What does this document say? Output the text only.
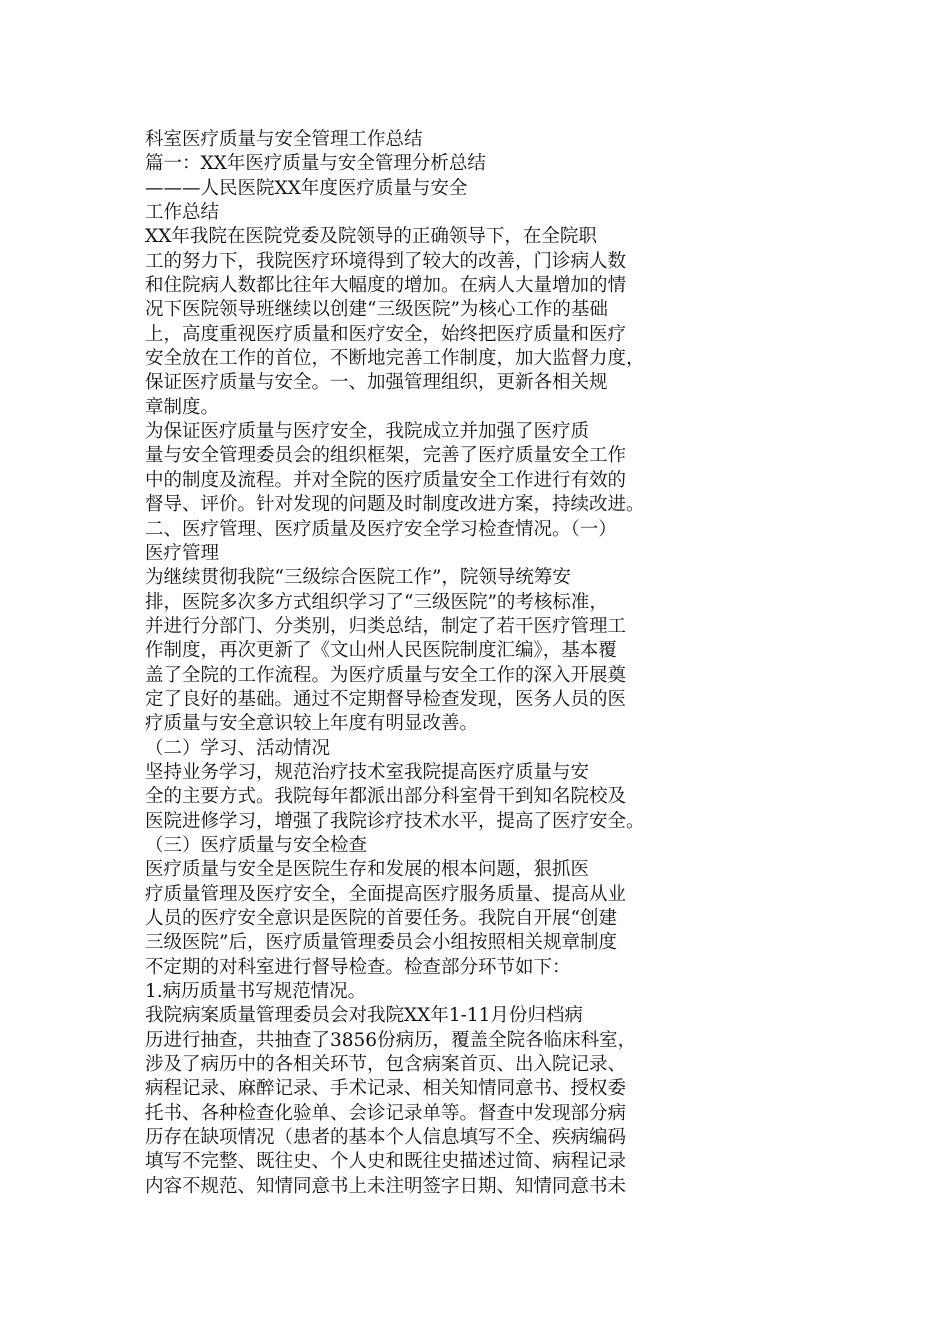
科室医疗质量与安全管理工作总结
篇一：XX年医疗质量与安全管理分析总结
———人民医院XX年度医疗质量与安全
工作总结
XX年我院在医院党委及院领导的正确领导下，在全院职
工的努力下，我院医疗环境得到了较大的改善，门诊病人数
和住院病人数都比往年大幅度的增加。在病人大量增加的情
况下医院领导班继续以创建“三级医院”为核心工作的基础
上，高度重视医疗质量和医疗安全，始终把医疗质量和医疗
安全放在工作的首位，不断地完善工作制度，加大监督力度，
保证医疗质量与安全。一、加强管理组织，更新各相关规
章制度。
为保证医疗质量与医疗安全，我院成立并加强了医疗质
量与安全管理委员会的组织框架，完善了医疗质量安全工作
中的制度及流程。并对全院的医疗质量安全工作进行有效的
督导、评价。针对发现的问题及时制度改进方案，持续改进。
二、医疗管理、医疗质量及医疗安全学习检查情况。（一）
医疗管理
为继续贯彻我院“三级综合医院工作”，院领导统筹安
排，医院多次多方式组织学习了“三级医院”的考核标准，
并进行分部门、分类别，归类总结，制定了若干医疗管理工
作制度，再次更新了《文山州人民医院制度汇编》，基本覆
盖了全院的工作流程。为医疗质量与安全工作的深入开展奠
定了良好的基础。通过不定期督导检查发现，医务人员的医
疗质量与安全意识较上年度有明显改善。
（二）学习、活动情况
坚持业务学习，规范治疗技术室我院提高医疗质量与安
全的主要方式。我院每年都派出部分科室骨干到知名院校及
医院进修学习，增强了我院诊疗技术水平，提高了医疗安全。
（三）医疗质量与安全检查
医疗质量与安全是医院生存和发展的根本问题，狠抓医
疗质量管理及医疗安全，全面提高医疗服务质量、提高从业
人员的医疗安全意识是医院的首要任务。我院自开展“创建
三级医院”后，医疗质量管理委员会小组按照相关规章制度
不定期的对科室进行督导检查。检查部分环节如下：
1.病历质量书写规范情况。
我院病案质量管理委员会对我院XX年1-11月份归档病
历进行抽查，共抽查了3856份病历，覆盖全院各临床科室，
涉及了病历中的各相关环节，包含病案首页、出入院记录、
病程记录、麻醉记录、手术记录、相关知情同意书、授权委
托书、各种检查化验单、会诊记录单等。督查中发现部分病
历存在缺项情况（患者的基本个人信息填写不全、疾病编码
填写不完整、既往史、个人史和既往史描述过简、病程记录
内容不规范、知情同意书上未注明签字日期、知情同意书未
